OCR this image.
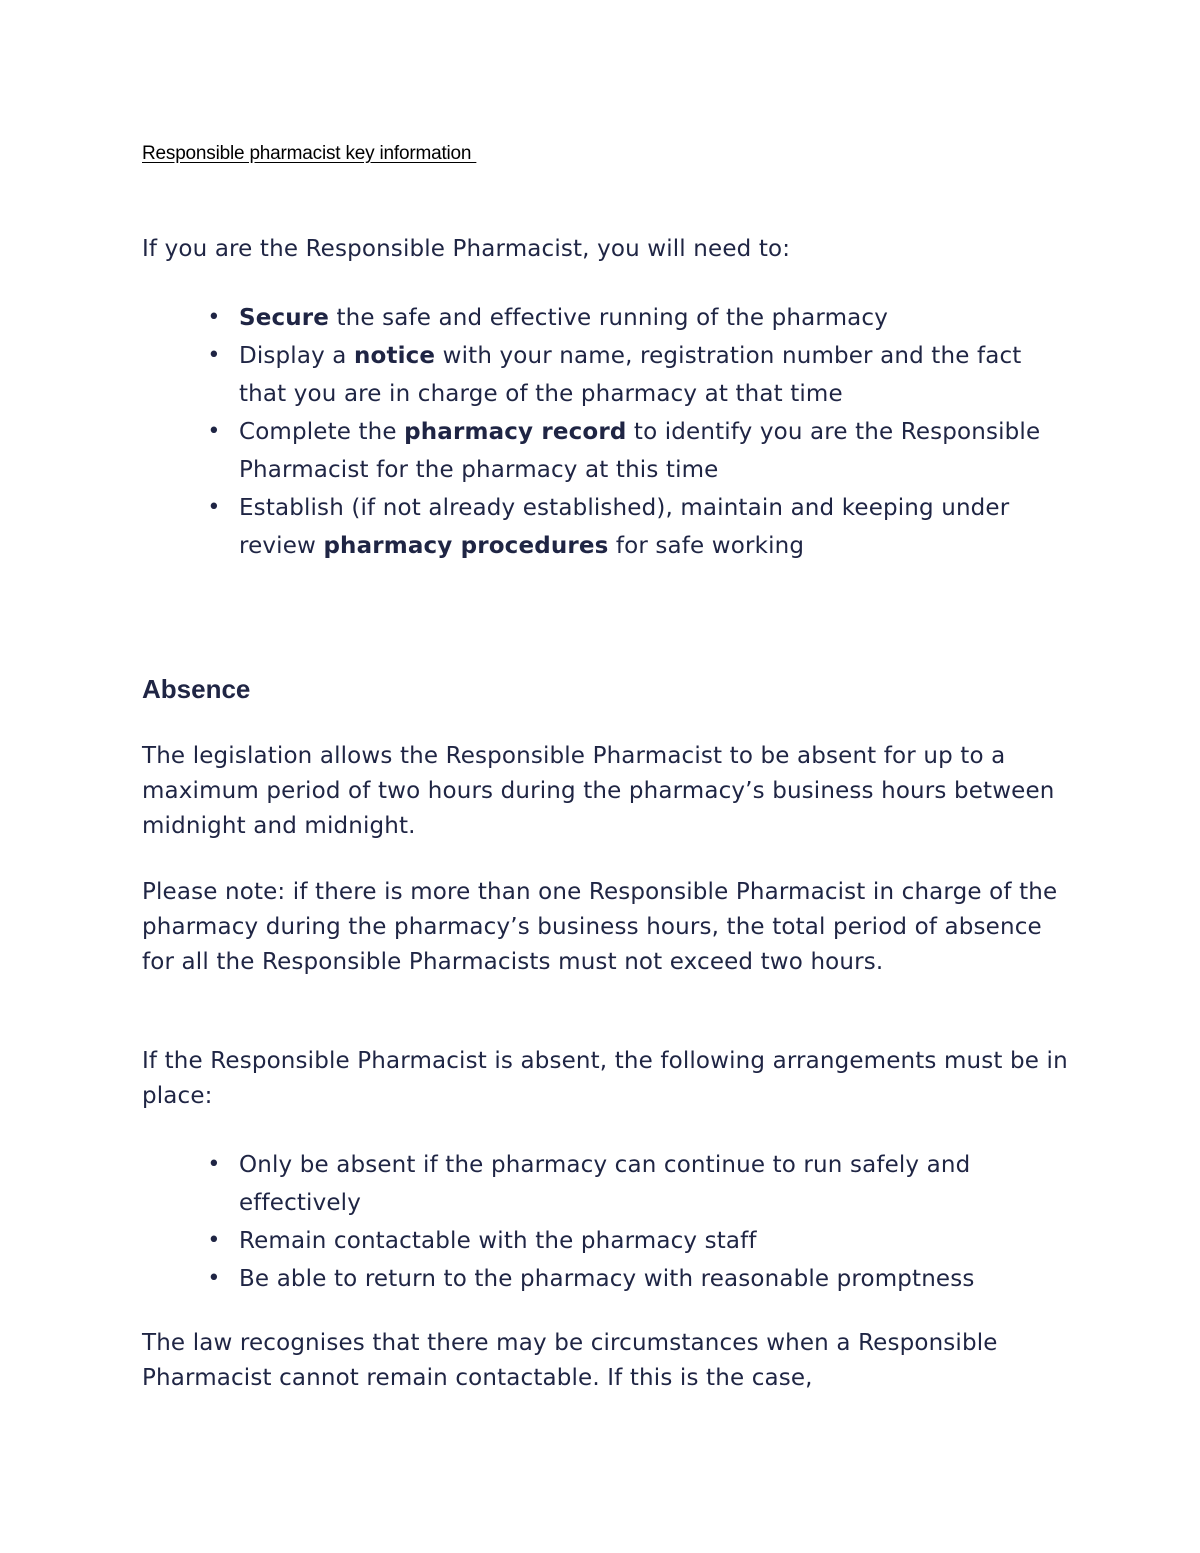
Responsible pharmacist key information

If you are the Responsible Pharmacist, you will need to:

• Secure the safe and effective running of the pharmacy
• Display a notice with your name, registration number and the fact that you are in charge of the pharmacy at that time
• Complete the pharmacy record to identify you are the Responsible Pharmacist for the pharmacy at this time
• Establish (if not already established), maintain and keeping under review pharmacy procedures for safe working
Absence

The legislation allows the Responsible Pharmacist to be absent for up to a maximum period of two hours during the pharmacy’s business hours between midnight and midnight.

Please note: if there is more than one Responsible Pharmacist in charge of the pharmacy during the pharmacy’s business hours, the total period of absence for all the Responsible Pharmacists must not exceed two hours.

If the Responsible Pharmacist is absent, the following arrangements must be in place:

• Only be absent if the pharmacy can continue to run safely and effectively
• Remain contactable with the pharmacy staff
• Be able to return to the pharmacy with reasonable promptness

The law recognises that there may be circumstances when a Responsible Pharmacist cannot remain contactable. If this is the case,
